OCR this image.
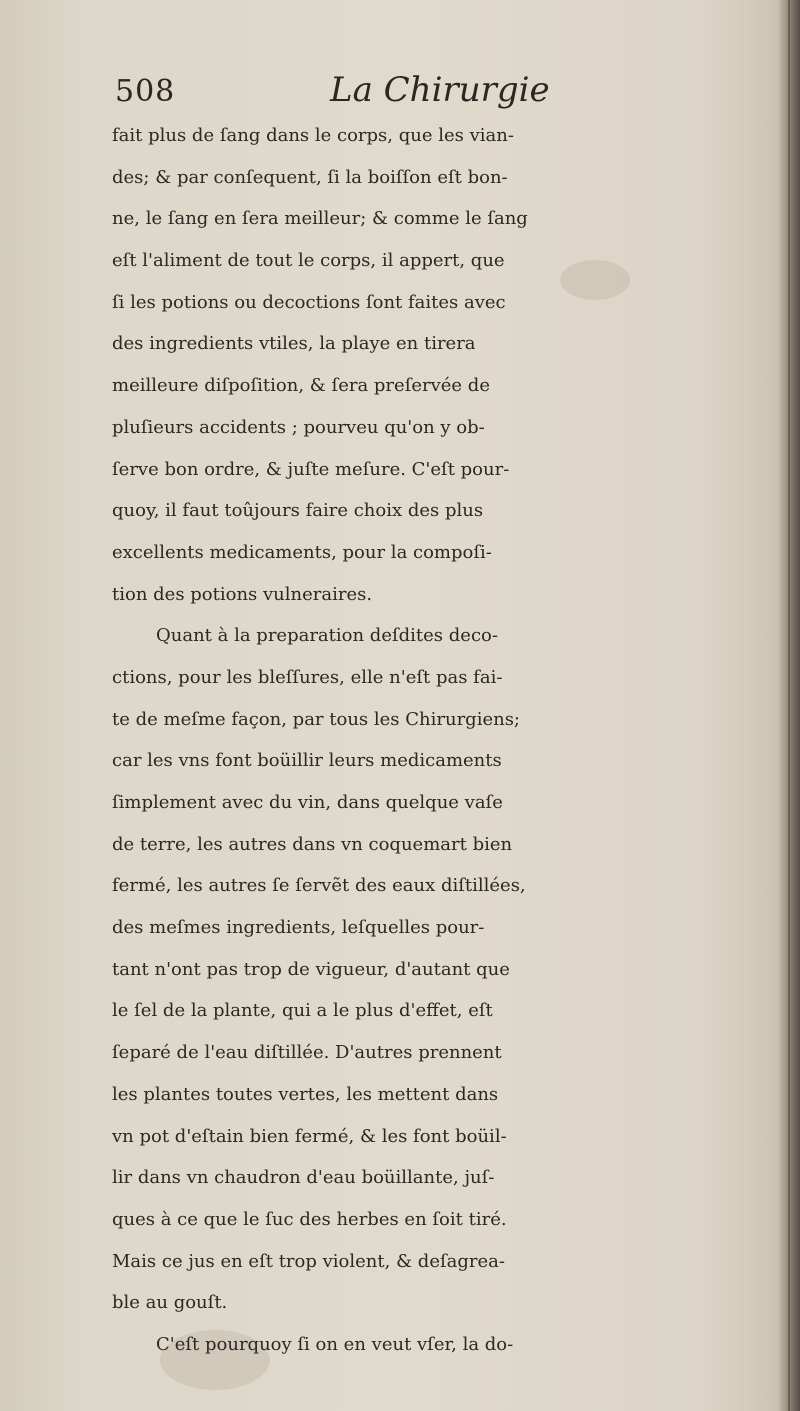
508	La Chirurgie
fait plus de ſang dans le corps, que les vian-
des; & par conſequent, ſi la boiſſon eſt bon-
ne, le ſang en ſera meilleur; & comme le ſang
eſt l'aliment de tout le corps, il appert, que
ſi les potions ou decoctions ſont faites avec
des ingredients vtiles, la playe en tirera
meilleure diſpoſition, & ſera preſervée de
pluſieurs accidents ; pourveu qu'on y ob-
ſerve bon ordre, & juſte meſure. C'eſt pour-
quoy, il faut toûjours faire choix des plus
excellents medicaments, pour la compoſi-
tion des potions vulneraires.
Quant à la preparation deſdites deco-
ctions, pour les bleſſures, elle n'eſt pas fai-
te de meſme façon, par tous les Chirurgiens;
car les vns font boüillir leurs medicaments
ſimplement avec du vin, dans quelque vaſe
de terre, les autres dans vn coquemart bien
fermé, les autres ſe ſervẽt des eaux diſtillées,
des meſmes ingredients, leſquelles pour-
tant n'ont pas trop de vigueur, d'autant que
le ſel de la plante, qui a le plus d'effet, eſt
ſeparé de l'eau diſtillée. D'autres prennent
les plantes toutes vertes, les mettent dans
vn pot d'eſtain bien fermé, & les font boüil-
lir dans vn chaudron d'eau boüillante, juſ-
ques à ce que le ſuc des herbes en ſoit tiré.
Mais ce jus en eſt trop violent, & deſagrea-
ble au gouſt.
C'eſt pourquoy ſi on en veut vſer, la do-
